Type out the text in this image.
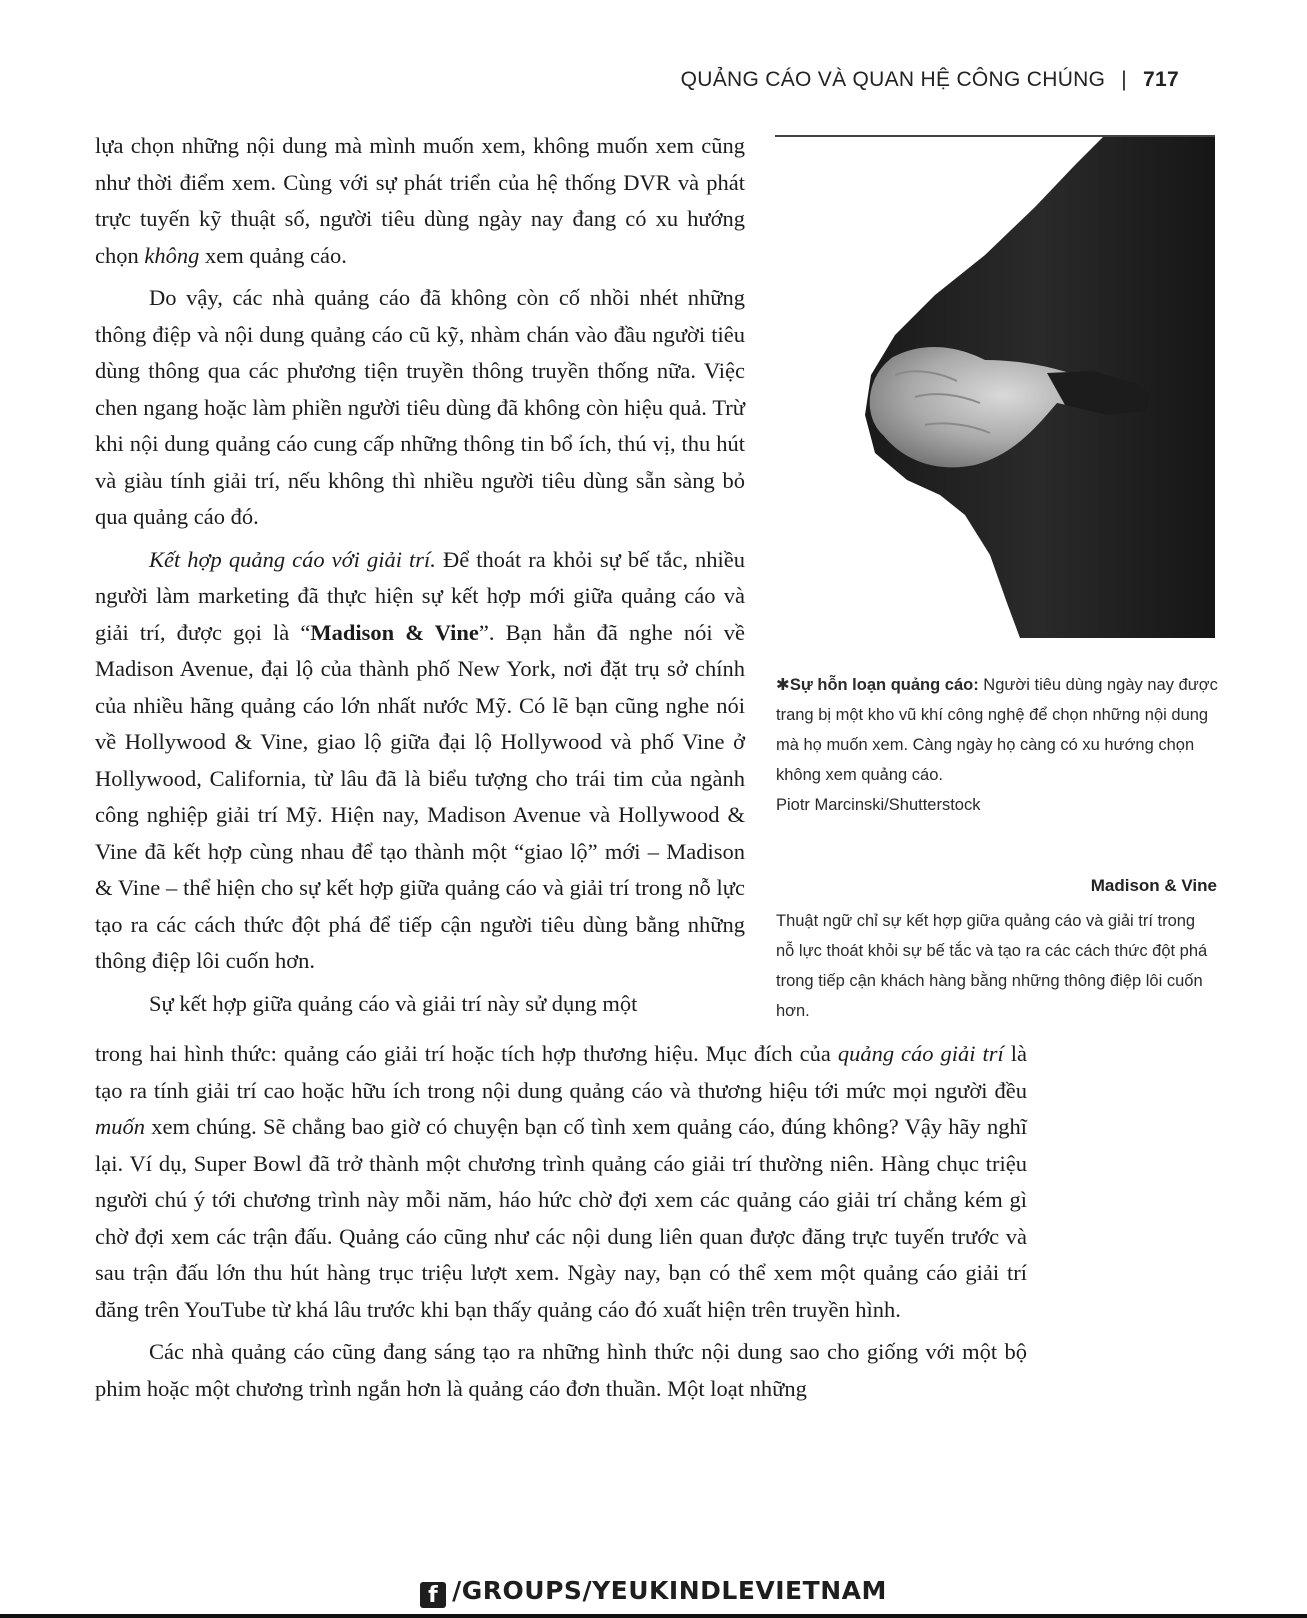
QUẢNG CÁO VÀ QUAN HỆ CÔNG CHÚNG | 717

lựa chọn những nội dung mà mình muốn xem, không muốn xem cũng như thời điểm xem. Cùng với sự phát triển của hệ thống DVR và phát trực tuyến kỹ thuật số, người tiêu dùng ngày nay đang có xu hướng chọn không xem quảng cáo.

Do vậy, các nhà quảng cáo đã không còn cố nhồi nhét những thông điệp và nội dung quảng cáo cũ kỹ, nhàm chán vào đầu người tiêu dùng thông qua các phương tiện truyền thông truyền thống nữa. Việc chen ngang hoặc làm phiền người tiêu dùng đã không còn hiệu quả. Trừ khi nội dung quảng cáo cung cấp những thông tin bổ ích, thú vị, thu hút và giàu tính giải trí, nếu không thì nhiều người tiêu dùng sẵn sàng bỏ qua quảng cáo đó.

Kết hợp quảng cáo với giải trí. Để thoát ra khỏi sự bế tắc, nhiều người làm marketing đã thực hiện sự kết hợp mới giữa quảng cáo và giải trí, được gọi là “Madison & Vine”. Bạn hẳn đã nghe nói về Madison Avenue, đại lộ của thành phố New York, nơi đặt trụ sở chính của nhiều hãng quảng cáo lớn nhất nước Mỹ. Có lẽ bạn cũng nghe nói về Hollywood & Vine, giao lộ giữa đại lộ Hollywood và phố Vine ở Hollywood, California, từ lâu đã là biểu tượng cho trái tim của ngành công nghiệp giải trí Mỹ. Hiện nay, Madison Avenue và Hollywood & Vine đã kết hợp cùng nhau để tạo thành một “giao lộ” mới – Madison & Vine – thể hiện cho sự kết hợp giữa quảng cáo và giải trí trong nỗ lực tạo ra các cách thức đột phá để tiếp cận người tiêu dùng bằng những thông điệp lôi cuốn hơn.

Sự kết hợp giữa quảng cáo và giải trí này sử dụng một

trong hai hình thức: quảng cáo giải trí hoặc tích hợp thương hiệu. Mục đích của quảng cáo giải trí là tạo ra tính giải trí cao hoặc hữu ích trong nội dung quảng cáo và thương hiệu tới mức mọi người đều muốn xem chúng. Sẽ chẳng bao giờ có chuyện bạn cố tình xem quảng cáo, đúng không? Vậy hãy nghĩ lại. Ví dụ, Super Bowl đã trở thành một chương trình quảng cáo giải trí thường niên. Hàng chục triệu người chú ý tới chương trình này mỗi năm, háo hức chờ đợi xem các quảng cáo giải trí chẳng kém gì chờ đợi xem các trận đấu. Quảng cáo cũng như các nội dung liên quan được đăng trực tuyến trước và sau trận đấu lớn thu hút hàng trục triệu lượt xem. Ngày nay, bạn có thể xem một quảng cáo giải trí đăng trên YouTube từ khá lâu trước khi bạn thấy quảng cáo đó xuất hiện trên truyền hình.

Các nhà quảng cáo cũng đang sáng tạo ra những hình thức nội dung sao cho giống với một bộ phim hoặc một chương trình ngắn hơn là quảng cáo đơn thuần. Một loạt những

✱Sự hỗn loạn quảng cáo: Người tiêu dùng ngày nay được trang bị một kho vũ khí công nghệ để chọn những nội dung mà họ muốn xem. Càng ngày họ càng có xu hướng chọn không xem quảng cáo.
Piotr Marcinski/Shutterstock
Madison & Vine
Thuật ngữ chỉ sự kết hợp giữa quảng cáo và giải trí trong nỗ lực thoát khỏi sự bế tắc và tạo ra các cách thức đột phá trong tiếp cận khách hàng bằng những thông điệp lôi cuốn hơn.
f /GROUPS/YEUKINDLEVIETNAM
